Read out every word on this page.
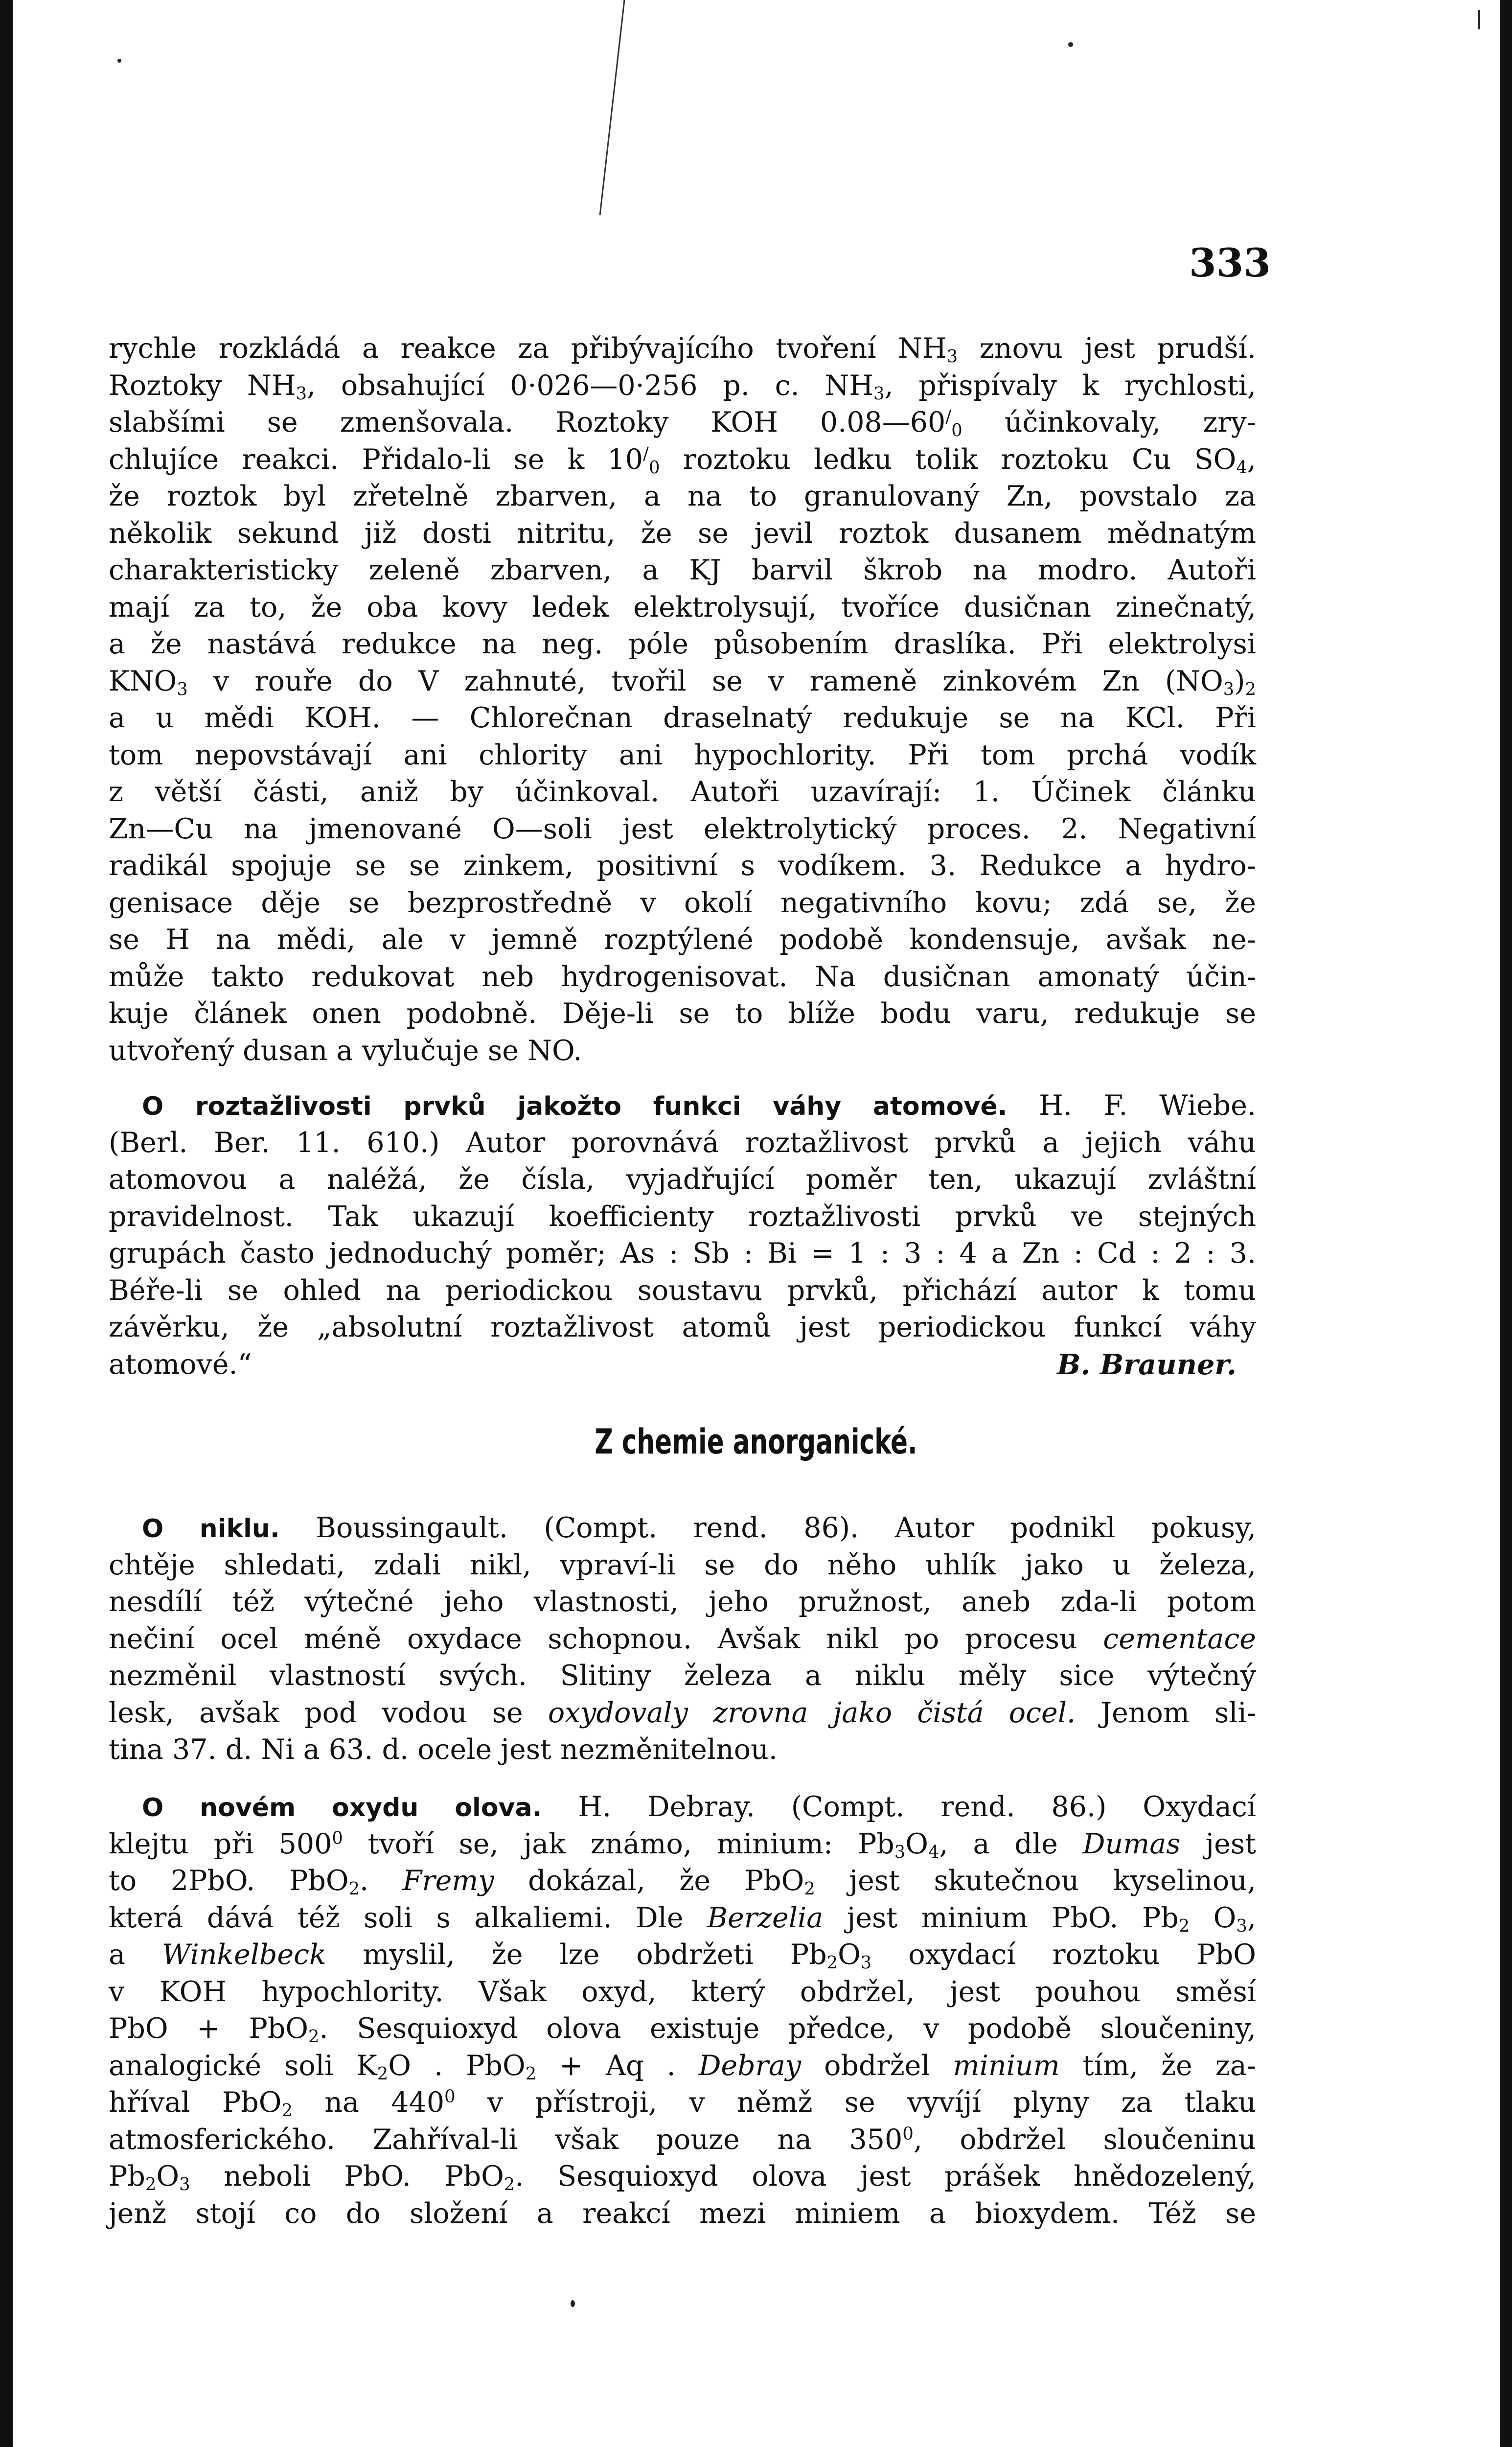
333
rychle rozkládá a reakce za přibývajícího tvoření $NH_3$ znovu jest prudší.
Roztoky $NH_3$, obsahující 0·026—0·256 p. c. $NH_3$, přispívaly k rychlosti,
slabšími se zmenšovala. Roztoky KOH $0.08—60^/_0$ účinkovaly, zry-
chlujíce reakci. Přidalo-li se k $10^/_0$ roztoku ledku tolik roztoku Cu $SO_4$,
že roztok byl zřetelně zbarven, a na to granulovaný Zn, povstalo za
několik sekund již dosti nitritu, že se jevil roztok dusanem mědnatým
charakteristicky zeleně zbarven, a KJ barvil škrob na modro. Autoři
mají za to, že oba kovy ledek elektrolysují, tvoříce dusičnan zinečnatý,
a že nastává redukce na neg. póle působením draslíka. Při elektrolysi
$KNO_3$ v rouře do V zahnuté, tvořil se v rameně zinkovém Zn $(NO_3)_2$
a u mědi KOH. — Chlorečnan draselnatý redukuje se na KCl. Při
tom nepovstávají ani chlority ani hypochlority. Při tom prchá vodík
z větší části, aniž by účinkoval. Autoři uzavírají: 1. Účinek článku
Zn—Cu na jmenované O—soli jest elektrolytický proces. 2. Negativní
radikál spojuje se se zinkem, positivní s vodíkem. 3. Redukce a hydro-
genisace děje se bezprostředně v okolí negativního kovu; zdá se, že
se H na mědi, ale v jemně rozptýlené podobě kondensuje, avšak ne-
může takto redukovat neb hydrogenisovat. Na dusičnan amonatý účin-
kuje článek onen podobně. Děje-li se to blíže bodu varu, redukuje se
utvořený dusan a vylučuje se NO.
O roztažlivosti prvků jakožto funkci váhy atomové. H. F. Wiebe.
(Berl. Ber. 11. 610.) Autor porovnává roztažlivost prvků a jejich váhu
atomovou a naléžá, že čísla, vyjadřující poměr ten, ukazují zvláštní
pravidelnost. Tak ukazují koefficienty roztažlivosti prvků ve stejných
grupách často jednoduchý poměr; As : Sb : Bi = 1 : 3 : 4 a Zn : Cd : 2 : 3.
Béře-li se ohled na periodickou soustavu prvků, přichází autor k tomu
závěrku, že „absolutní roztažlivost atomů jest periodickou funkcí váhy
atomové.“	B. Brauner.
Z chemie anorganické.
O niklu. Boussingault. (Compt. rend. 86). Autor podnikl pokusy,
chtěje shledati, zdali nikl, vpraví-li se do něho uhlík jako u železa,
nesdílí též výtečné jeho vlastnosti, jeho pružnost, aneb zda-li potom
nečiní ocel méně oxydace schopnou. Avšak nikl po procesu cementace
nezměnil vlastností svých. Slitiny železa a niklu měly sice výtečný
lesk, avšak pod vodou se oxydovaly zrovna jako čistá ocel. Jenom sli-
tina 37. d. Ni a 63. d. ocele jest nezměnitelnou.
O novém oxydu olova. H. Debray. (Compt. rend. 86.) Oxydací
klejtu při $500^0$ tvoří se, jak známo, minium: $Pb_3O_4$, a dle Dumas jest
to 2PbO. PbO$_2$. Fremy dokázal, že PbO$_2$ jest skutečnou kyselinou,
která dává též soli s alkaliemi. Dle Berzelia jest minium PbO. $Pb_2$ $O_3$,
a Winkelbeck myslil, že lze obdržeti $Pb_2O_3$ oxydací roztoku PbO
v KOH hypochlority. Však oxyd, který obdržel, jest pouhou směsí
PbO + PbO$_2$. Sesquioxyd olova existuje předce, v podobě sloučeniny,
analogické soli $K_2O$ . PbO$_2$ + Aq . Debray obdržel minium tím, že za-
hříval PbO$_2$ na $440^0$ v přístroji, v němž se vyvíjí plyny za tlaku
atmosferického. Zahříval-li však pouze na $350^0$, obdržel sloučeninu
$Pb_2O_3$ neboli PbO. PbO$_2$. Sesquioxyd olova jest prášek hnědozelený,
jenž stojí co do složení a reakcí mezi miniem a bioxydem. Též se
